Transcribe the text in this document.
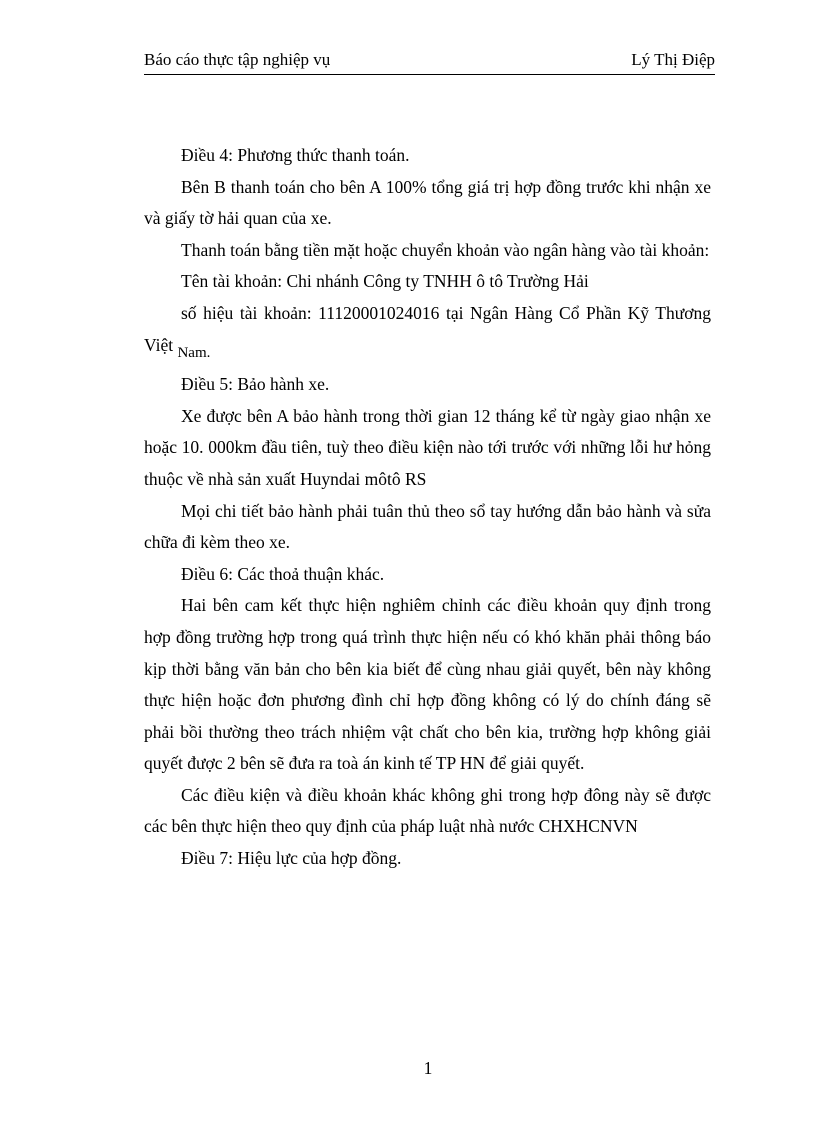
Báo cáo thực tập nghiệp vụ	Lý Thị Điệp

Điều 4: Phương thức thanh toán.

Bên B thanh toán cho bên A 100% tổng giá trị hợp đồng trước khi nhận xe và giấy tờ hải quan của xe.

Thanh toán bằng tiền mặt hoặc chuyển khoản vào ngân hàng vào tài khoản:

Tên tài khoản: Chi nhánh Công ty TNHH ô tô Trường Hải

số hiệu tài khoản: 11120001024016 tại Ngân Hàng Cổ Phần Kỹ Thương Việt Nam.

Điều 5: Bảo hành xe.

Xe được bên A bảo hành trong thời gian 12 tháng kể từ ngày giao nhận xe hoặc 10. 000km đầu tiên, tuỳ theo điều kiện nào tới trước với những lỗi hư hỏng thuộc về nhà sản xuất Huyndai môtô RS

Mọi chi tiết bảo hành phải tuân thủ theo sổ tay hướng dẫn bảo hành và sửa chữa đi kèm theo xe.

Điều 6: Các thoả thuận khác.

Hai bên cam kết thực hiện nghiêm chỉnh các điều khoản quy định trong hợp đồng trường hợp trong quá trình thực hiện nếu có khó khăn phải thông báo kịp thời bằng văn bản cho bên kia biết để cùng nhau giải quyết, bên này không thực hiện hoặc đơn phương đình chỉ hợp đồng không có lý do chính đáng sẽ phải bồi thường theo trách nhiệm vật chất cho bên kia, trường hợp không giải quyết được 2 bên sẽ đưa ra toà án kinh tế TP HN để giải quyết.

Các điều kiện và điều khoản khác không ghi trong hợp đông này sẽ được các bên thực hiện theo quy định của pháp luật nhà nước CHXHCNVN

Điều 7: Hiệu lực của hợp đồng.

1
